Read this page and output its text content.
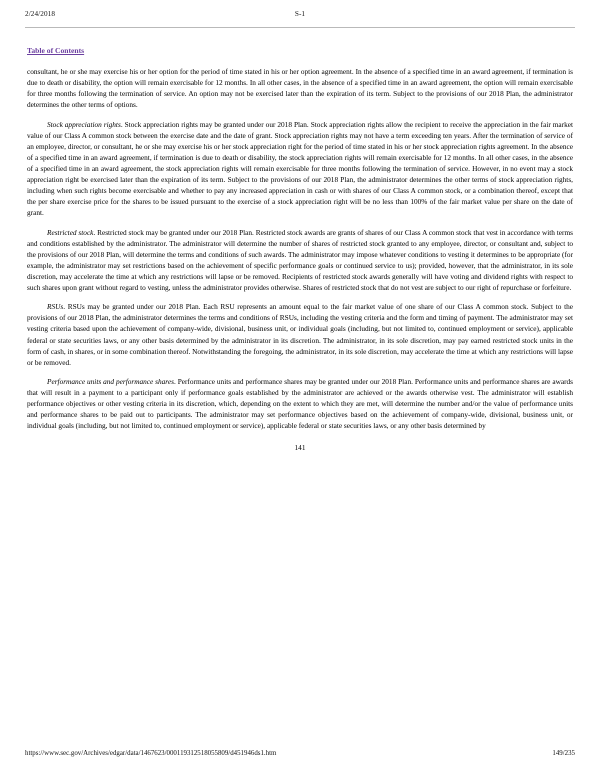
2/24/2018	S-1
Table of Contents

consultant, he or she may exercise his or her option for the period of time stated in his or her option agreement. In the absence of a specified time in an award agreement, if termination is due to death or disability, the option will remain exercisable for 12 months. In all other cases, in the absence of a specified time in an award agreement, the option will remain exercisable for three months following the termination of service. An option may not be exercised later than the expiration of its term. Subject to the provisions of our 2018 Plan, the administrator determines the other terms of options.

Stock appreciation rights. Stock appreciation rights may be granted under our 2018 Plan. Stock appreciation rights allow the recipient to receive the appreciation in the fair market value of our Class A common stock between the exercise date and the date of grant. Stock appreciation rights may not have a term exceeding ten years. After the termination of service of an employee, director, or consultant, he or she may exercise his or her stock appreciation right for the period of time stated in his or her stock appreciation rights agreement. In the absence of a specified time in an award agreement, if termination is due to death or disability, the stock appreciation rights will remain exercisable for 12 months. In all other cases, in the absence of a specified time in an award agreement, the stock appreciation rights will remain exercisable for three months following the termination of service. However, in no event may a stock appreciation right be exercised later than the expiration of its term. Subject to the provisions of our 2018 Plan, the administrator determines the other terms of stock appreciation rights, including when such rights become exercisable and whether to pay any increased appreciation in cash or with shares of our Class A common stock, or a combination thereof, except that the per share exercise price for the shares to be issued pursuant to the exercise of a stock appreciation right will be no less than 100% of the fair market value per share on the date of grant.

Restricted stock. Restricted stock may be granted under our 2018 Plan. Restricted stock awards are grants of shares of our Class A common stock that vest in accordance with terms and conditions established by the administrator. The administrator will determine the number of shares of restricted stock granted to any employee, director, or consultant and, subject to the provisions of our 2018 Plan, will determine the terms and conditions of such awards. The administrator may impose whatever conditions to vesting it determines to be appropriate (for example, the administrator may set restrictions based on the achievement of specific performance goals or continued service to us); provided, however, that the administrator, in its sole discretion, may accelerate the time at which any restrictions will lapse or be removed. Recipients of restricted stock awards generally will have voting and dividend rights with respect to such shares upon grant without regard to vesting, unless the administrator provides otherwise. Shares of restricted stock that do not vest are subject to our right of repurchase or forfeiture.

RSUs. RSUs may be granted under our 2018 Plan. Each RSU represents an amount equal to the fair market value of one share of our Class A common stock. Subject to the provisions of our 2018 Plan, the administrator determines the terms and conditions of RSUs, including the vesting criteria and the form and timing of payment. The administrator may set vesting criteria based upon the achievement of company-wide, divisional, business unit, or individual goals (including, but not limited to, continued employment or service), applicable federal or state securities laws, or any other basis determined by the administrator in its discretion. The administrator, in its sole discretion, may pay earned restricted stock units in the form of cash, in shares, or in some combination thereof. Notwithstanding the foregoing, the administrator, in its sole discretion, may accelerate the time at which any restrictions will lapse or be removed.

Performance units and performance shares. Performance units and performance shares may be granted under our 2018 Plan. Performance units and performance shares are awards that will result in a payment to a participant only if performance goals established by the administrator are achieved or the awards otherwise vest. The administrator will establish performance objectives or other vesting criteria in its discretion, which, depending on the extent to which they are met, will determine the number and/or the value of performance units and performance shares to be paid out to participants. The administrator may set performance objectives based on the achievement of company-wide, divisional, business unit, or individual goals (including, but not limited to, continued employment or service), applicable federal or state securities laws, or any other basis determined by

141
https://www.sec.gov/Archives/edgar/data/1467623/000119312518055809/d451946ds1.htm	149/235
